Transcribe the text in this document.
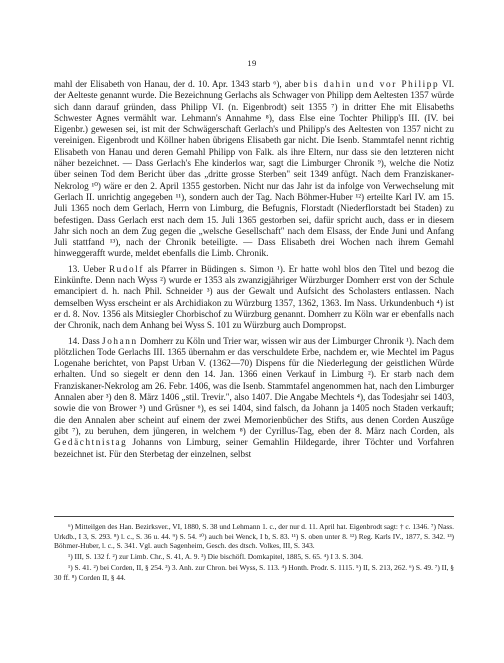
19

mahl der Elisabeth von Hanau, der d. 10. Apr. 1343 starb ⁶), aber bis dahin und vor Philipp VI. der Aelteste genannt wurde. Die Bezeichnung Gerlachs als Schwager von Philipp dem Aeltesten 1357 würde sich dann darauf gründen, dass Philipp VI. (n. Eigenbrodt) seit 1355 ⁷) in dritter Ehe mit Elisabeths Schwester Agnes vermählt war. Lehmann's Annahme ⁸), dass Else eine Tochter Philipp's III. (IV. bei Eigenbr.) gewesen sei, ist mit der Schwägerschaft Gerlach's und Philipp's des Aeltesten von 1357 nicht zu vereinigen. Eigenbrodt und Köllner haben übrigens Elisabeth gar nicht. Die Isenb. Stammtafel nennt richtig Elisabeth von Hanau und deren Gemahl Philipp von Falk. als ihre Eltern, nur dass sie den letzteren nicht näher bezeichnet. — Dass Gerlach's Ehe kinderlos war, sagt die Limburger Chronik ⁹), welche die Notiz über seinen Tod dem Bericht über das „dritte grosse Sterben" seit 1349 anfügt. Nach dem Franziskaner-Nekrolog ¹⁰) wäre er den 2. April 1355 gestorben. Nicht nur das Jahr ist da infolge von Verwechselung mit Gerlach II. unrichtig angegeben ¹¹), sondern auch der Tag. Nach Böhmer-Huber ¹²) erteilte Karl IV. am 15. Juli 1365 noch dem Gerlach, Herrn von Limburg, die Befugnis, Florstadt (Niederflorstadt bei Staden) zu befestigen. Dass Gerlach erst nach dem 15. Juli 1365 gestorben sei, dafür spricht auch, dass er in diesem Jahr sich noch an dem Zug gegen die „welsche Gesellschaft" nach dem Elsass, der Ende Juni und Anfang Juli stattfand ¹³), nach der Chronik beteiligte. — Dass Elisabeth drei Wochen nach ihrem Gemahl hinweggerafft wurde, meldet ebenfalls die Limb. Chronik.

13. Ueber Rudolf als Pfarrer in Büdingen s. Simon ¹). Er hatte wohl blos den Titel und bezog die Einkünfte. Denn nach Wyss ²) wurde er 1353 als zwanzigjähriger Würzburger Domherr erst von der Schule emancipiert d. h. nach Phil. Schneider ³) aus der Gewalt und Aufsicht des Scholasters entlassen. Nach demselben Wyss erscheint er als Archidiakon zu Würzburg 1357, 1362, 1363. Im Nass. Urkundenbuch ⁴) ist er d. 8. Nov. 1356 als Mitsiegler Chorbischof zu Würzburg genannt. Domherr zu Köln war er ebenfalls nach der Chronik, nach dem Anhang bei Wyss S. 101 zu Würzburg auch Dompropst.

14. Dass Johann Domherr zu Köln und Trier war, wissen wir aus der Limburger Chronik ¹). Nach dem plötzlichen Tode Gerlachs III. 1365 übernahm er das verschuldete Erbe, nachdem er, wie Mechtel im Pagus Logenahe berichtet, von Papst Urban V. (1362—70) Dispens für die Niederlegung der geistlichen Würde erhalten. Und so siegelt er denn den 14. Jan. 1366 einen Verkauf in Limburg ²). Er starb nach dem Franziskaner-Nekrolog am 26. Febr. 1406, was die Isenb. Stammtafel angenommen hat, nach den Limburger Annalen aber ³) den 8. März 1406 „stil. Trevir.", also 1407. Die Angabe Mechtels ⁴), das Todesjahr sei 1403, sowie die von Brower ⁵) und Grüsner ⁶), es sei 1404, sind falsch, da Johann ja 1405 noch Staden verkauft; die den Annalen aber scheint auf einem der zwei Memorienbücher des Stifts, aus denen Corden Auszüge gibt ⁷), zu beruhen, dem jüngeren, in welchem ⁸) der Cyrillus-Tag, eben der 8. März nach Corden, als Gedächtnistag Johanns von Limburg, seiner Gemahlin Hildegarde, ihrer Töchter und Vorfahren bezeichnet ist. Für den Sterbetag der einzelnen, selbst

⁶) Mitteilgen des Han. Bezirksver., VI, 1880, S. 38 und Lehmann 1. c., der nur d. 11. April hat. Eigenbrodt sagt: † c. 1346. ⁷) Nass. Urkdb., I 3, S. 293. ⁸) l. c., S. 36 u. 44. ⁹) S. 54. ¹⁰) auch bei Wenck, I b, S. 83. ¹¹) S. oben unter 8. ¹²) Reg. Karls IV., 1877, S. 342. ¹³) Böhmer-Huber, l. c., S. 341. Vgl. auch Sagenheim, Gesch. des dtsch. Volkes, III, S. 343.

¹) III, S. 132 f. ²) zur Limb. Chr., S. 41, A. 9. ³) Die bischöfl. Domkapitel, 1885, S. 65. ⁴) I 3. S. 304.

¹) S. 41. ²) bei Corden, II, § 254. ³) 3. Anh. zur Chron. bei Wyss, S. 113. ⁴) Honth. Prodr. S. 1115. ⁵) II, S. 213, 262. ⁶) S. 49. ⁷) II, § 30 ff. ⁸) Corden II, § 44.
